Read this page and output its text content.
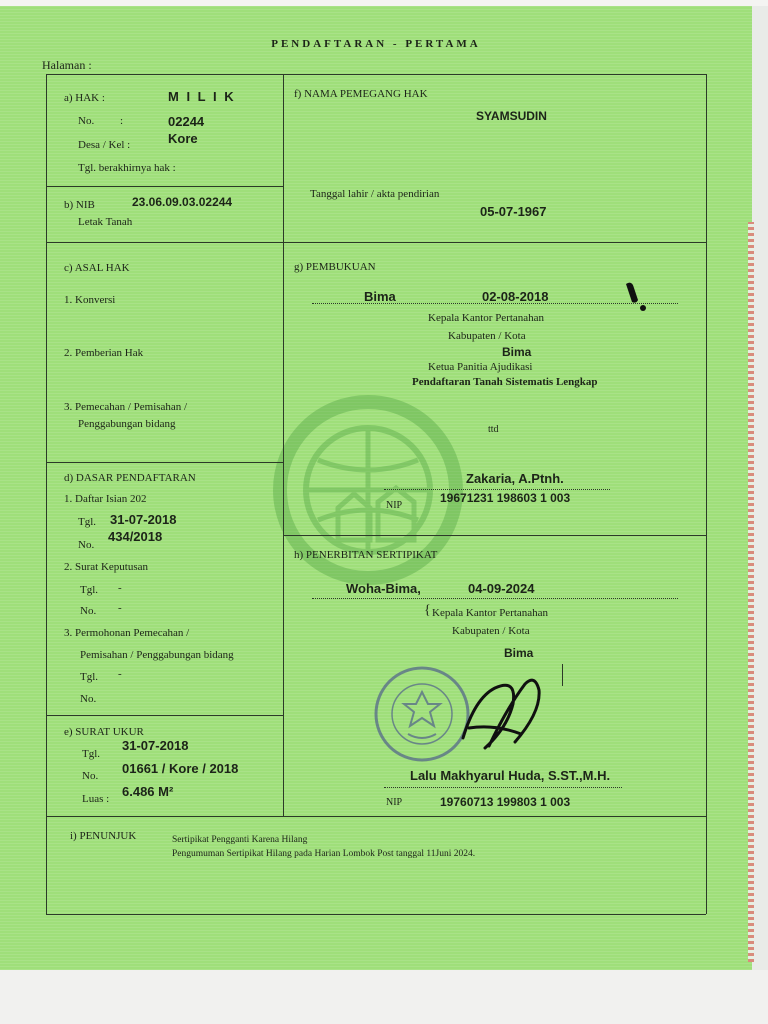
PENDAFTARAN - PERTAMA
Halaman :
a) HAK :	M I L I K
No. :	02244
Desa / Kel :	Kore
Tgl. berakhirnya hak :
b) NIB	23.06.09.03.02244
Letak Tanah
c) ASAL HAK
1. Konversi
2. Pemberian Hak
3. Pemecahan / Pemisahan /
Penggabungan bidang
d) DASAR PENDAFTARAN
1. Daftar Isian 202
Tgl. 31-07-2018
No.
434/2018
2. Surat Keputusan
Tgl. -
No. -
3. Permohonan Pemecahan /
Pemisahan / Penggabungan bidang
Tgl. -
No.
e) SURAT UKUR
Tgl.
31-07-2018
No. 01661 / Kore / 2018
Luas : 6.486 M²
f) NAMA PEMEGANG HAK
SYAMSUDIN
Tanggal lahir / akta pendirian
05-07-1967
g) PEMBUKUAN
Bima	02-08-2018
Kepala Kantor Pertanahan
Kabupaten / Kota
Bima
Ketua Panitia Ajudikasi
Pendaftaran Tanah Sistematis Lengkap
ttd
Zakaria, A.Ptnh.
NIP
19671231 198603 1 003
h) PENERBITAN SERTIPIKAT
Woha-Bima,	04-09-2024
{ Kepala Kantor Pertanahan
Kabupaten / Kota
Bima
Lalu Makhyarul Huda, S.ST.,M.H.
NIP	19760713 199803 1 003
i) PENUNJUK	Sertipikat Pengganti Karena Hilang
Pengumuman Sertipikat Hilang pada Harian Lombok Post tanggal 11Juni 2024.
